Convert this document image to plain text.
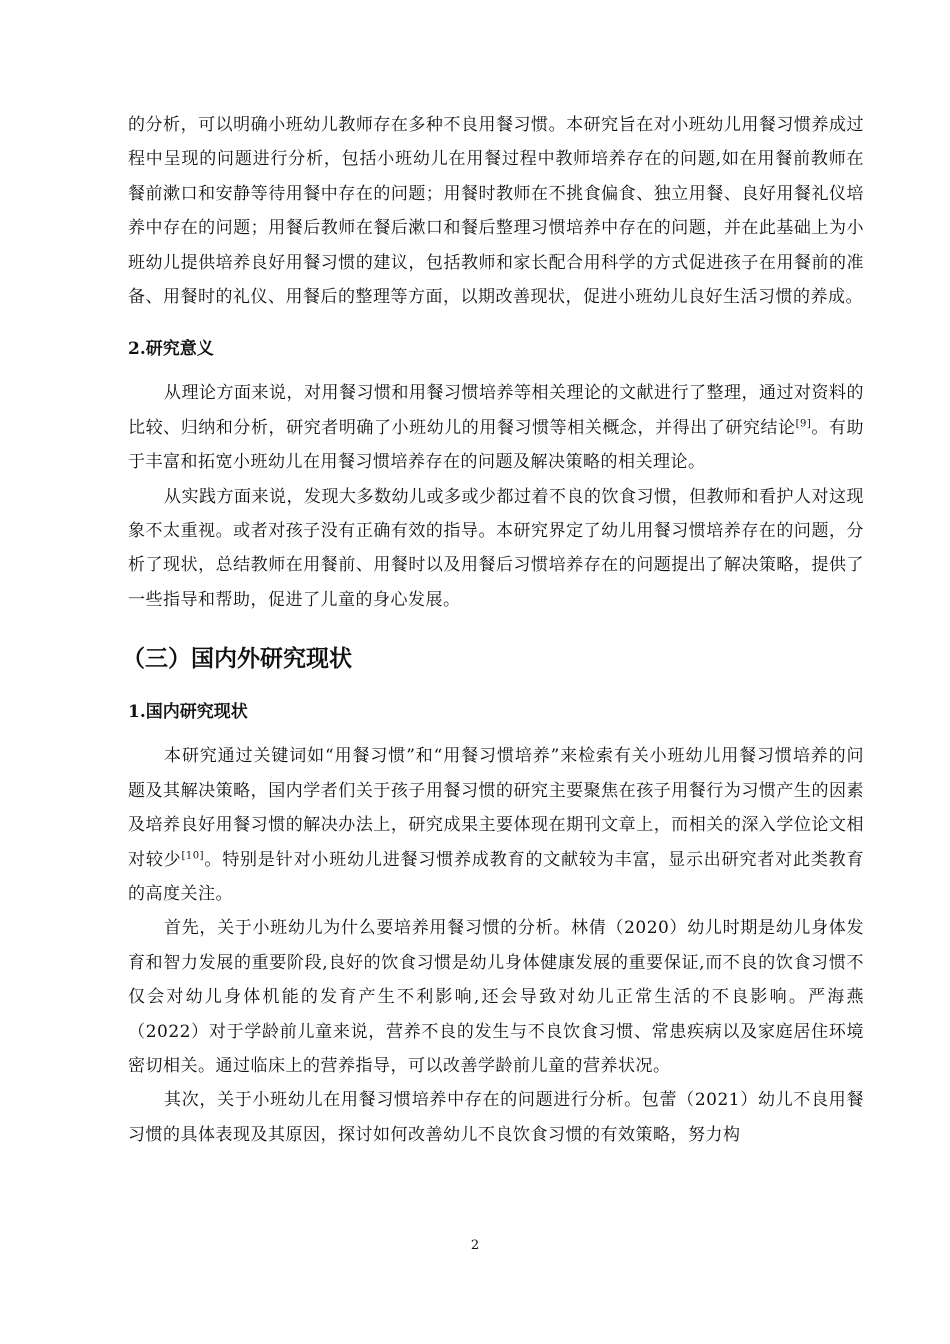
的分析，可以明确小班幼儿教师存在多种不良用餐习惯。本研究旨在对小班幼儿用餐习惯养成过程中呈现的问题进行分析，包括小班幼儿在用餐过程中教师培养存在的问题,如在用餐前教师在餐前漱口和安静等待用餐中存在的问题；用餐时教师在不挑食偏食、独立用餐、良好用餐礼仪培养中存在的问题；用餐后教师在餐后漱口和餐后整理习惯培养中存在的问题，并在此基础上为小班幼儿提供培养良好用餐习惯的建议，包括教师和家长配合用科学的方式促进孩子在用餐前的准备、用餐时的礼仪、用餐后的整理等方面，以期改善现状，促进小班幼儿良好生活习惯的养成。

2.研究意义

从理论方面来说，对用餐习惯和用餐习惯培养等相关理论的文献进行了整理，通过对资料的比较、归纳和分析，研究者明确了小班幼儿的用餐习惯等相关概念，并得出了研究结论[9]。有助于丰富和拓宽小班幼儿在用餐习惯培养存在的问题及解决策略的相关理论。

从实践方面来说，发现大多数幼儿或多或少都过着不良的饮食习惯，但教师和看护人对这现象不太重视。或者对孩子没有正确有效的指导。本研究界定了幼儿用餐习惯培养存在的问题，分析了现状，总结教师在用餐前、用餐时以及用餐后习惯培养存在的问题提出了解决策略，提供了一些指导和帮助，促进了儿童的身心发展。

（三）国内外研究现状
1.国内研究现状

本研究通过关键词如“用餐习惯”和“用餐习惯培养”来检索有关小班幼儿用餐习惯培养的问题及其解决策略，国内学者们关于孩子用餐习惯的研究主要聚焦在孩子用餐行为习惯产生的因素及培养良好用餐习惯的解决办法上，研究成果主要体现在期刊文章上，而相关的深入学位论文相对较少[10]。特别是针对小班幼儿进餐习惯养成教育的文献较为丰富，显示出研究者对此类教育的高度关注。

首先，关于小班幼儿为什么要培养用餐习惯的分析。林倩（2020）幼儿时期是幼儿身体发育和智力发展的重要阶段,良好的饮食习惯是幼儿身体健康发展的重要保证,而不良的饮食习惯不仅会对幼儿身体机能的发育产生不利影响,还会导致对幼儿正常生活的不良影响。严海燕（2022）对于学龄前儿童来说，营养不良的发生与不良饮食习惯、常患疾病以及家庭居住环境密切相关。通过临床上的营养指导，可以改善学龄前儿童的营养状况。

其次，关于小班幼儿在用餐习惯培养中存在的问题进行分析。包蕾（2021）幼儿不良用餐习惯的具体表现及其原因，探讨如何改善幼儿不良饮食习惯的有效策略，努力构

2
